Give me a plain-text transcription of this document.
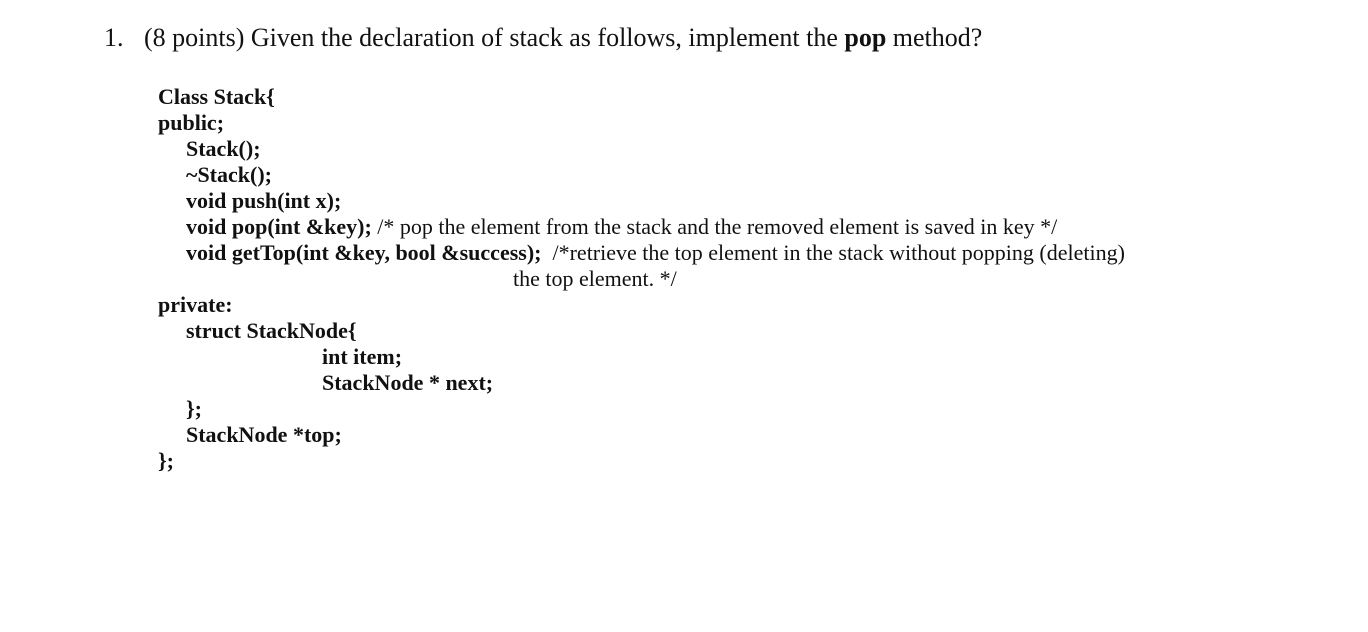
1. (8 points) Given the declaration of stack as follows, implement the pop method?
Class Stack{
public;
Stack();
~Stack();
void push(int x);
void pop(int &key); /* pop the element from the stack and the removed element is saved in key */
void getTop(int &key, bool &success);  /*retrieve the top element in the stack without popping (deleting)
the top element. */
private:
struct StackNode{
int item;
StackNode * next;
};
StackNode *top;
};
